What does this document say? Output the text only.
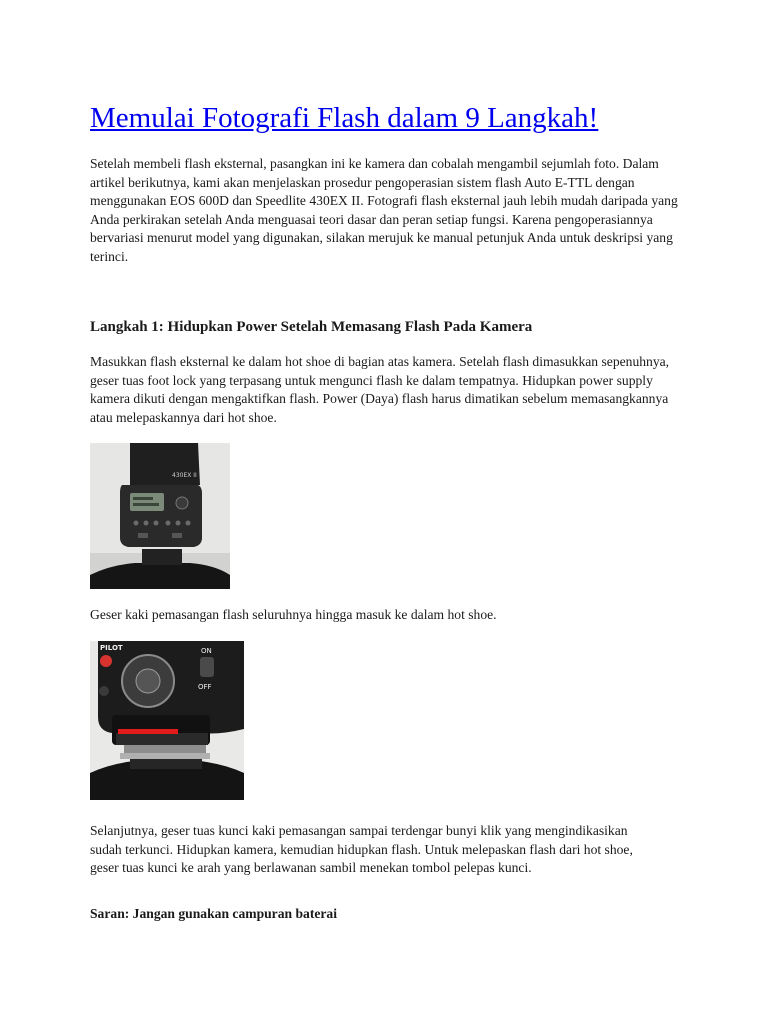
Memulai Fotografi Flash dalam 9 Langkah!

Setelah membeli flash eksternal, pasangkan ini ke kamera dan cobalah mengambil sejumlah foto. Dalam artikel berikutnya, kami akan menjelaskan prosedur pengoperasian sistem flash Auto E-TTL dengan menggunakan EOS 600D dan Speedlite 430EX II. Fotografi flash eksternal jauh lebih mudah daripada yang Anda perkirakan setelah Anda menguasai teori dasar dan peran setiap fungsi. Karena pengoperasiannya bervariasi menurut model yang digunakan, silakan merujuk ke manual petunjuk Anda untuk deskripsi yang terinci.

Langkah 1: Hidupkan Power Setelah Memasang Flash Pada Kamera

Masukkan flash eksternal ke dalam hot shoe di bagian atas kamera. Setelah flash dimasukkan sepenuhnya, geser tuas foot lock yang terpasang untuk mengunci flash ke dalam tempatnya. Hidupkan power supply kamera dikuti dengan mengaktifkan flash. Power (Daya) flash harus dimatikan sebelum memasangkannya atau melepaskannya dari hot shoe.

430EX II

Geser kaki pemasangan flash seluruhnya hingga masuk ke dalam hot shoe.

PILOT	ON
OFF

Selanjutnya, geser tuas kunci kaki pemasangan sampai terdengar bunyi klik yang mengindikasikan sudah terkunci. Hidupkan kamera, kemudian hidupkan flash. Untuk melepaskan flash dari hot shoe, geser tuas kunci ke arah yang berlawanan sambil menekan tombol pelepas kunci.

Saran: Jangan gunakan campuran baterai
